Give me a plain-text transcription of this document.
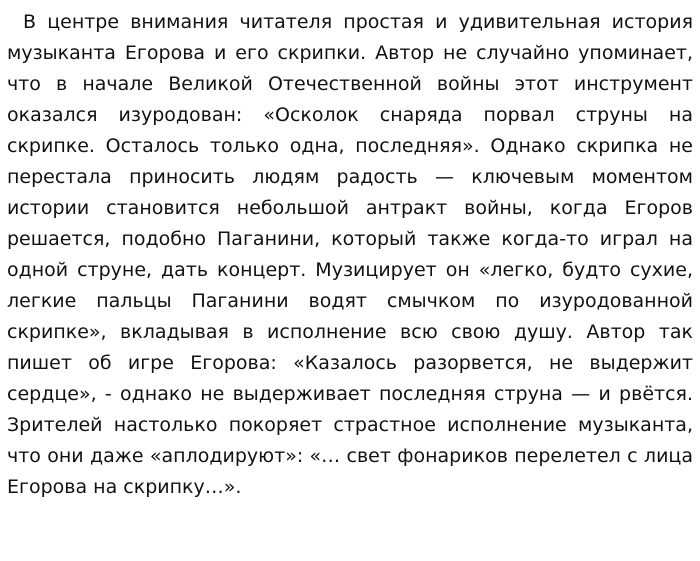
В центре внимания читателя простая и удивительная история музыканта Егорова и его скрипки. Автор не случайно упоминает, что в начале Великой Отечественной войны этот инструмент оказался изуродован: «Осколок снаряда порвал струны на скрипке. Осталось только одна, последняя». Однако скрипка не перестала приносить людям радость — ключевым моментом истории становится небольшой антракт войны, когда Егоров решается, подобно Паганини, который также когда-то играл на одной струне, дать концерт. Музицирует он «легко, будто сухие, легкие пальцы Паганини водят смычком по изуродованной скрипке», вкладывая в исполнение всю свою душу. Автор так пишет об игре Егорова: «Казалось разорвется, не выдержит сердце», - однако не выдерживает последняя струна — и рвётся. Зрителей настолько покоряет страстное исполнение музыканта, что они даже «аплодируют»: «… свет фонариков перелетел с лица Егорова на скрипку…».
